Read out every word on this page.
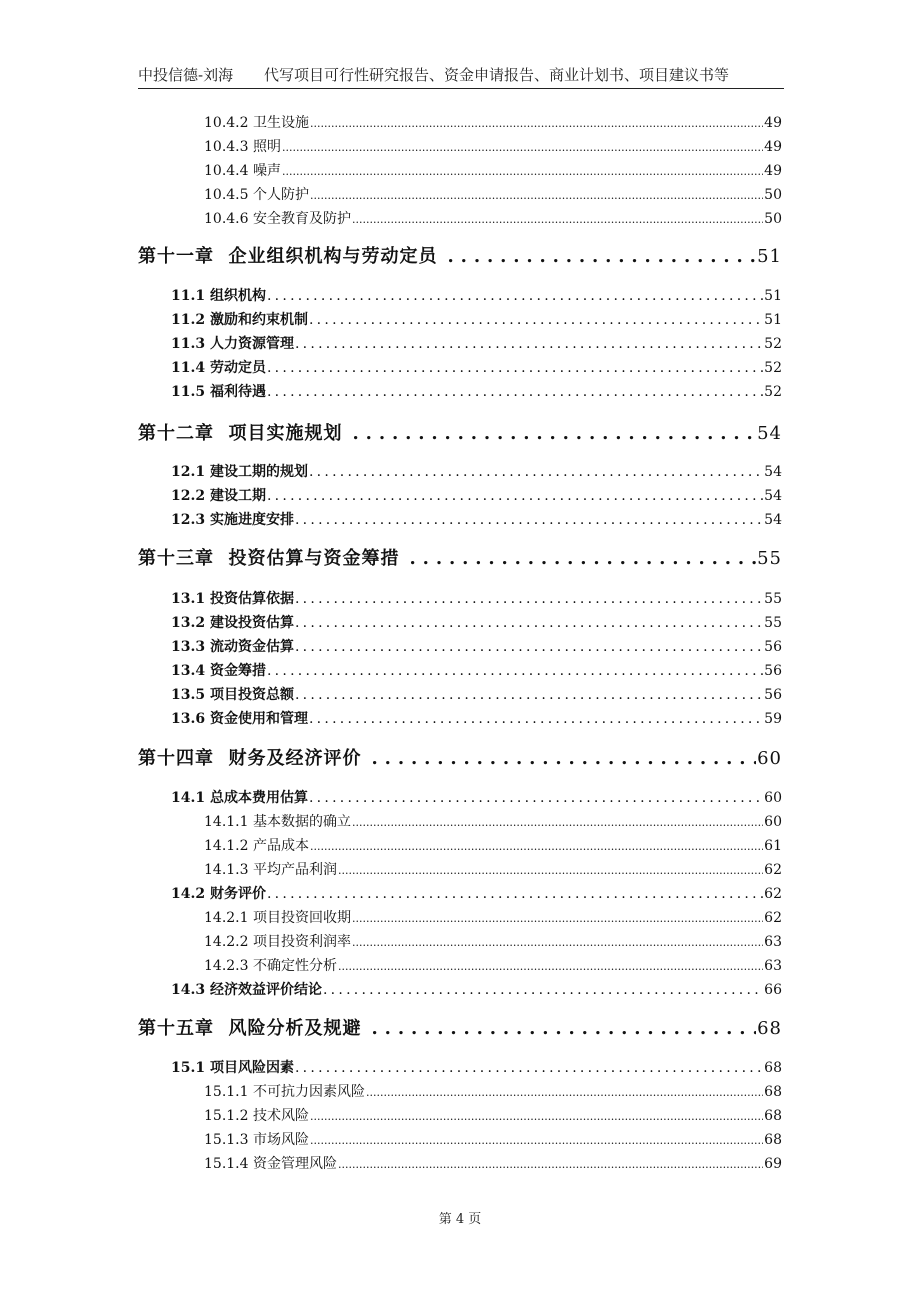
中投信德-刘海 代写项目可行性研究报告、资金申请报告、商业计划书、项目建议书等
10.4.2 卫生设施 .....	49
10.4.3 照明 .....	49
10.4.4 噪声 .....	49
10.4.5 个人防护 .....	50
10.4.6 安全教育及防护 .....	50
第十一章  企业组织机构与劳动定员 . . .	51
11.1 组织机构 . . .	51
11.2 激励和约束机制 . . .	51
11.3 人力资源管理 . . .	52
11.4 劳动定员 . . .	52
11.5 福利待遇 . . .	52
第十二章  项目实施规划 . . .	54
12.1 建设工期的规划 . . .	54
12.2 建设工期 . . .	54
12.3 实施进度安排 . . .	54
第十三章  投资估算与资金筹措 . . .	55
13.1 投资估算依据 . . .	55
13.2 建设投资估算 . . .	55
13.3 流动资金估算 . . .	56
13.4 资金筹措 . . .	56
13.5 项目投资总额 . . .	56
13.6 资金使用和管理 . . .	59
第十四章  财务及经济评价 . . .	60
14.1 总成本费用估算 . . .	60
14.1.1 基本数据的确立 .....	60
14.1.2 产品成本 .....	61
14.1.3 平均产品利润 .....	62
14.2 财务评价 . . .	62
14.2.1 项目投资回收期 .....	62
14.2.2 项目投资利润率 .....	63
14.2.3 不确定性分析 .....	63
14.3 经济效益评价结论 . . .	66
第十五章  风险分析及规避 . . .	68
15.1 项目风险因素 . . .	68
15.1.1 不可抗力因素风险 .....	68
15.1.2 技术风险 .....	68
15.1.3 市场风险 .....	68
15.1.4 资金管理风险 .....	69
第 4 页
